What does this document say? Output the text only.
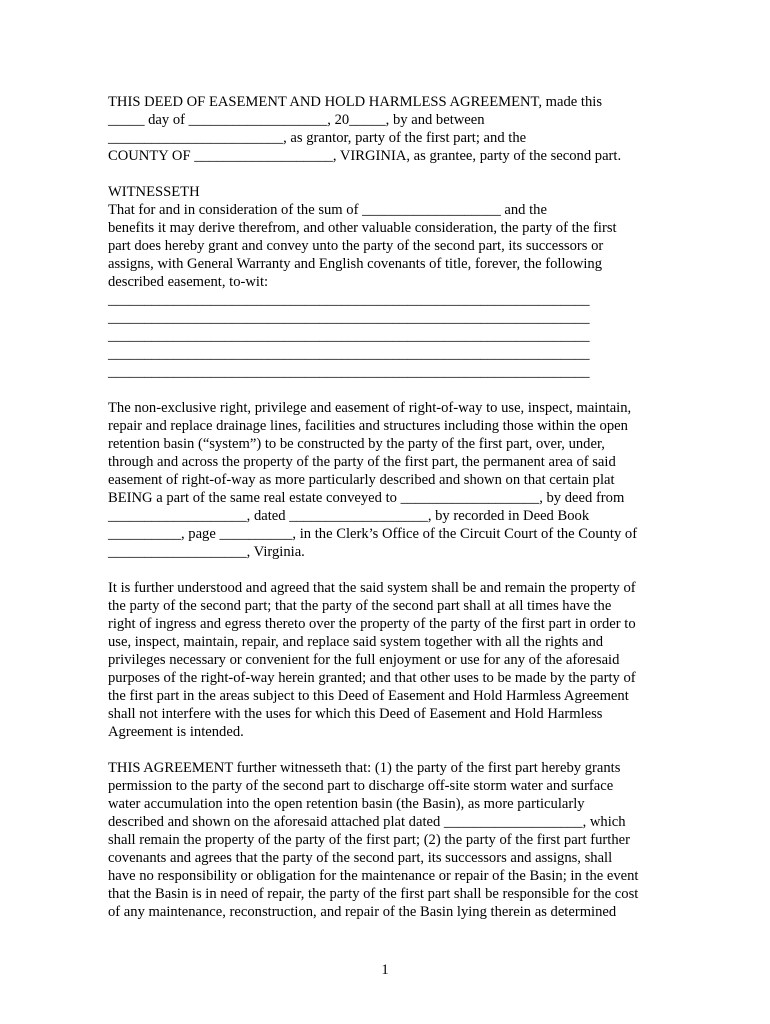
THIS DEED OF EASEMENT AND HOLD HARMLESS AGREEMENT, made this
_____ day of ___________________, 20_____, by and between
________________________, as grantor, party of the first part; and the
COUNTY OF ___________________, VIRGINIA, as grantee, party of the second part.
WITNESSETH
That for and in consideration of the sum of ___________________ and the
benefits it may derive therefrom, and other valuable consideration, the party of the first
part does hereby grant and convey unto the party of the second part, its successors or
assigns, with General Warranty and English covenants of title, forever, the following
described easement, to-wit:
__________________________________________________________________
__________________________________________________________________
__________________________________________________________________
__________________________________________________________________
__________________________________________________________________
The non-exclusive right, privilege and easement of right-of-way to use, inspect, maintain,
repair and replace drainage lines, facilities and structures including those within the open
retention basin (“system”) to be constructed by the party of the first part, over, under,
through and across the property of the party of the first part, the permanent area of said
easement of right-of-way as more particularly described and shown on that certain plat
BEING a part of the same real estate conveyed to ___________________, by deed from
___________________, dated ___________________, by recorded in Deed Book
__________, page __________, in the Clerk’s Office of the Circuit Court of the County of
___________________, Virginia.
It is further understood and agreed that the said system shall be and remain the property of
the party of the second part; that the party of the second part shall at all times have the
right of ingress and egress thereto over the property of the party of the first part in order to
use, inspect, maintain, repair, and replace said system together with all the rights and
privileges necessary or convenient for the full enjoyment or use for any of the aforesaid
purposes of the right-of-way herein granted; and that other uses to be made by the party of
the first part in the areas subject to this Deed of Easement and Hold Harmless Agreement
shall not interfere with the uses for which this Deed of Easement and Hold Harmless
Agreement is intended.
THIS AGREEMENT further witnesseth that: (1) the party of the first part hereby grants
permission to the party of the second part to discharge off-site storm water and surface
water accumulation into the open retention basin (the Basin), as more particularly
described and shown on the aforesaid attached plat dated ___________________, which
shall remain the property of the party of the first part; (2) the party of the first part further
covenants and agrees that the party of the second part, its successors and assigns, shall
have no responsibility or obligation for the maintenance or repair of the Basin; in the event
that the Basin is in need of repair, the party of the first part shall be responsible for the cost
of any maintenance, reconstruction, and repair of the Basin lying therein as determined
1
